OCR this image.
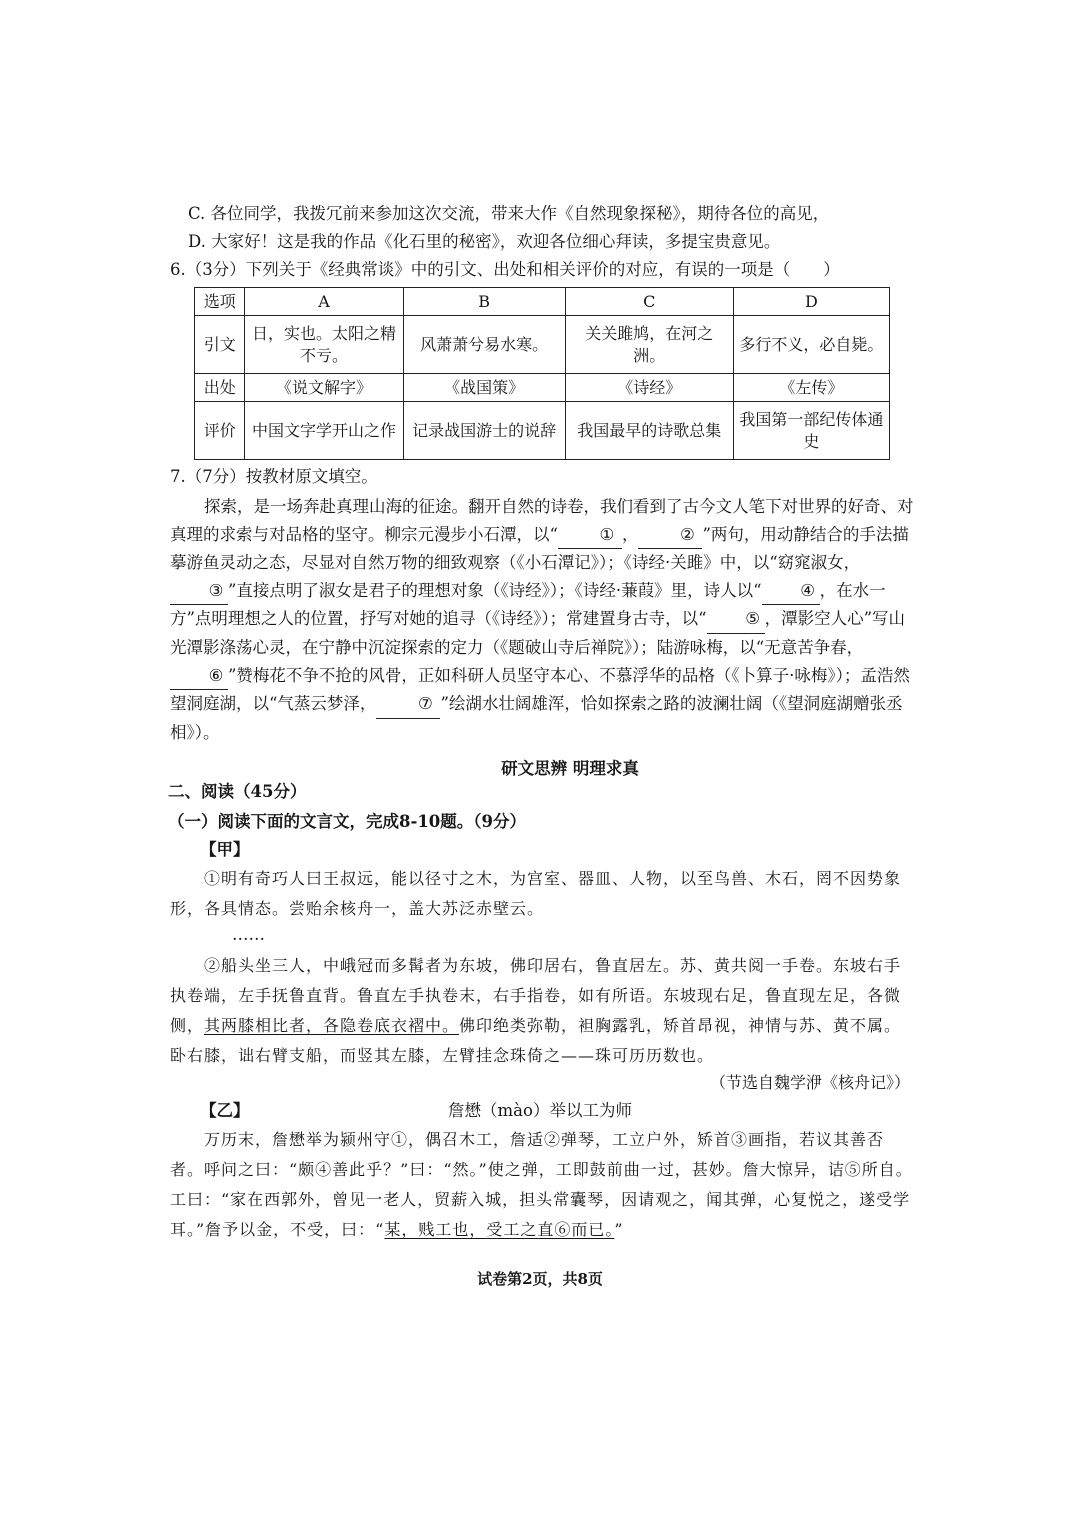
C. 各位同学，我拨冗前来参加这次交流，带来大作《自然现象探秘》，期待各位的高见，
D. 大家好！这是我的作品《化石里的秘密》，欢迎各位细心拜读，多提宝贵意见。
6.（3分）下列关于《经典常谈》中的引文、出处和相关评价的对应，有误的一项是（　　）
选项	A	B	C	D
引文	日，实也。太阳之精不亏。	风萧萧兮易水寒。	关关雎鸠，在河之洲。	多行不义，必自毙。
出处	《说文解字》	《战国策》	《诗经》	《左传》
评价	中国文字学开山之作	记录战国游士的说辞	我国最早的诗歌总集	我国第一部纪传体通史
7.（7分）按教材原文填空。

探索，是一场奔赴真理山海的征途。翻开自然的诗卷，我们看到了古今文人笔下对世界的好奇、对真理的求索与对品格的坚守。柳宗元漫步小石潭，以“	① ，	② ”两句，用动静结合的手法描摹游鱼灵动之态，尽显对自然万物的细致观察（《小石潭记》）；《诗经·关雎》中，以“窈窕淑女，③ ”直接点明了淑女是君子的理想对象（《诗经》）；《诗经·蒹葭》里，诗人以“ ④ ，在水一方”点明理想之人的位置，抒写对她的追寻（《诗经》）；常建置身古寺，以“ ⑤ ，潭影空人心”写山光潭影涤荡心灵，在宁静中沉淀探索的定力（《题破山寺后禅院》）；陆游咏梅，以“无意苦争春，⑥ ”赞梅花不争不抢的风骨，正如科研人员坚守本心、不慕浮华的品格（《卜算子·咏梅》）；孟浩然望洞庭湖，以“气蒸云梦泽，	⑦ ”绘湖水壮阔雄浑，恰如探索之路的波澜壮阔（《望洞庭湖赠张丞相》）。

研文思辨 明理求真
二、阅读（45分）
（一）阅读下面的文言文，完成8-10题。（9分）
【甲】

①明有奇巧人曰王叔远，能以径寸之木，为宫室、器皿、人物，以至鸟兽、木石，罔不因势象形，各具情态。尝贻余核舟一，盖大苏泛赤壁云。

……

②船头坐三人，中峨冠而多髯者为东坡，佛印居右，鲁直居左。苏、黄共阅一手卷。东坡右手执卷端，左手抚鲁直背。鲁直左手执卷末，右手指卷，如有所语。东坡现右足，鲁直现左足，各微侧，其两膝相比者，各隐卷底衣褶中。佛印绝类弥勒，袒胸露乳，矫首昂视，神情与苏、黄不属。卧右膝，诎右臂支船，而竖其左膝，左臂挂念珠倚之——珠可历历数也。

（节选自魏学洢《核舟记》）
【乙】	詹懋（mào）举以工为师

万历末，詹懋举为颍州守①，偶召木工，詹适②弹琴，工立户外，矫首③画指，若议其善否者。呼问之曰：“颇④善此乎？”曰：“然。”使之弹，工即鼓前曲一过，甚妙。詹大惊异，诘⑤所自。工曰：“家在西郭外，曾见一老人，贸薪入城，担头常囊琴，因请观之，闻其弹，心复悦之，遂受学耳。”詹予以金，不受，曰：“某，贱工也，受工之直⑥而已。”

试卷第2页，共8页
